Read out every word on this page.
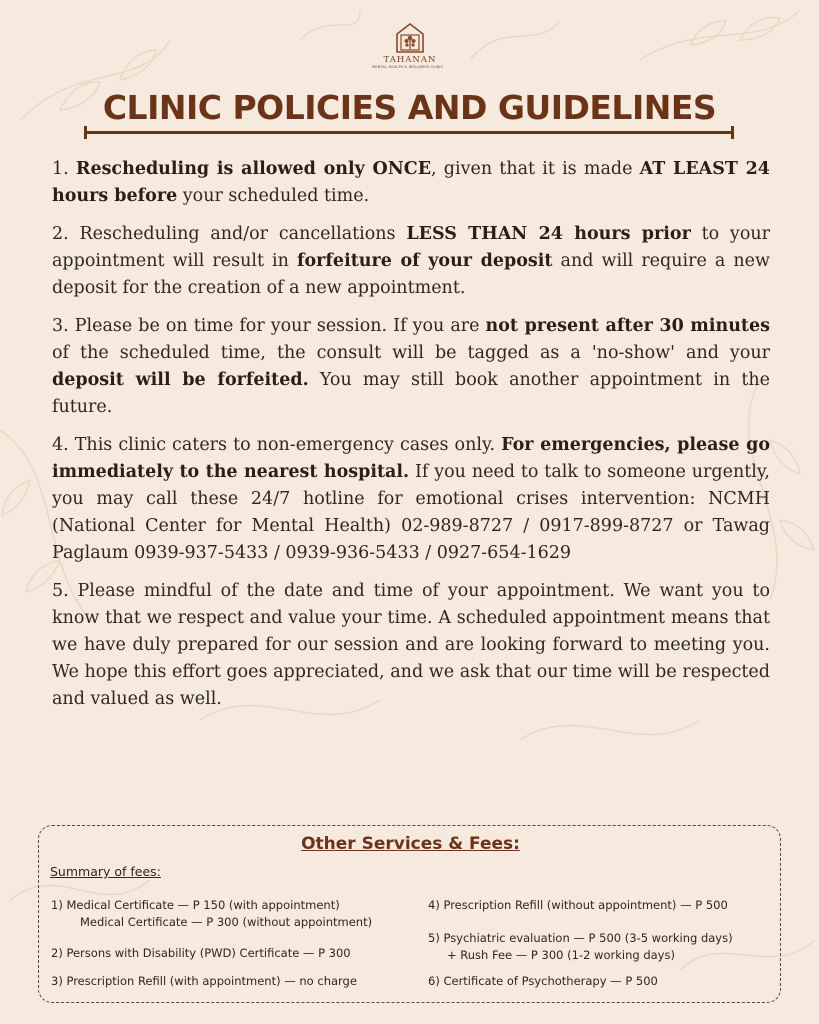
TAHANAN
MENTAL HEALTH & WELLNESS CLINIC
CLINIC POLICIES AND GUIDELINES

1. Rescheduling is allowed only ONCE, given that it is made AT LEAST 24 hours before your scheduled time.

2. Rescheduling and/or cancellations LESS THAN 24 hours prior to your appointment will result in forfeiture of your deposit and will require a new deposit for the creation of a new appointment.

3. Please be on time for your session. If you are not present after 30 minutes of the scheduled time, the consult will be tagged as a 'no-show' and your deposit will be forfeited. You may still book another appointment in the future.

4. This clinic caters to non-emergency cases only. For emergencies, please go immediately to the nearest hospital. If you need to talk to someone urgently, you may call these 24/7 hotline for emotional crises intervention: NCMH (National Center for Mental Health) 02-989-8727 / 0917-899-8727 or Tawag Paglaum 0939-937-5433 / 0939-936-5433 / 0927-654-1629

5. Please mindful of the date and time of your appointment. We want you to know that we respect and value your time. A scheduled appointment means that we have duly prepared for our session and are looking forward to meeting you. We hope this effort goes appreciated, and we ask that our time will be respected and valued as well.

Other Services & Fees:
Summary of fees:
1) Medical Certificate — P 150 (with appointment)
Medical Certificate — P 300 (without appointment)
2) Persons with Disability (PWD) Certificate — P 300
3) Prescription Refill (with appointment) — no charge
4) Prescription Refill (without appointment) — P 500
5) Psychiatric evaluation — P 500 (3-5 working days)
+ Rush Fee — P 300 (1-2 working days)
6) Certificate of Psychotherapy — P 500
